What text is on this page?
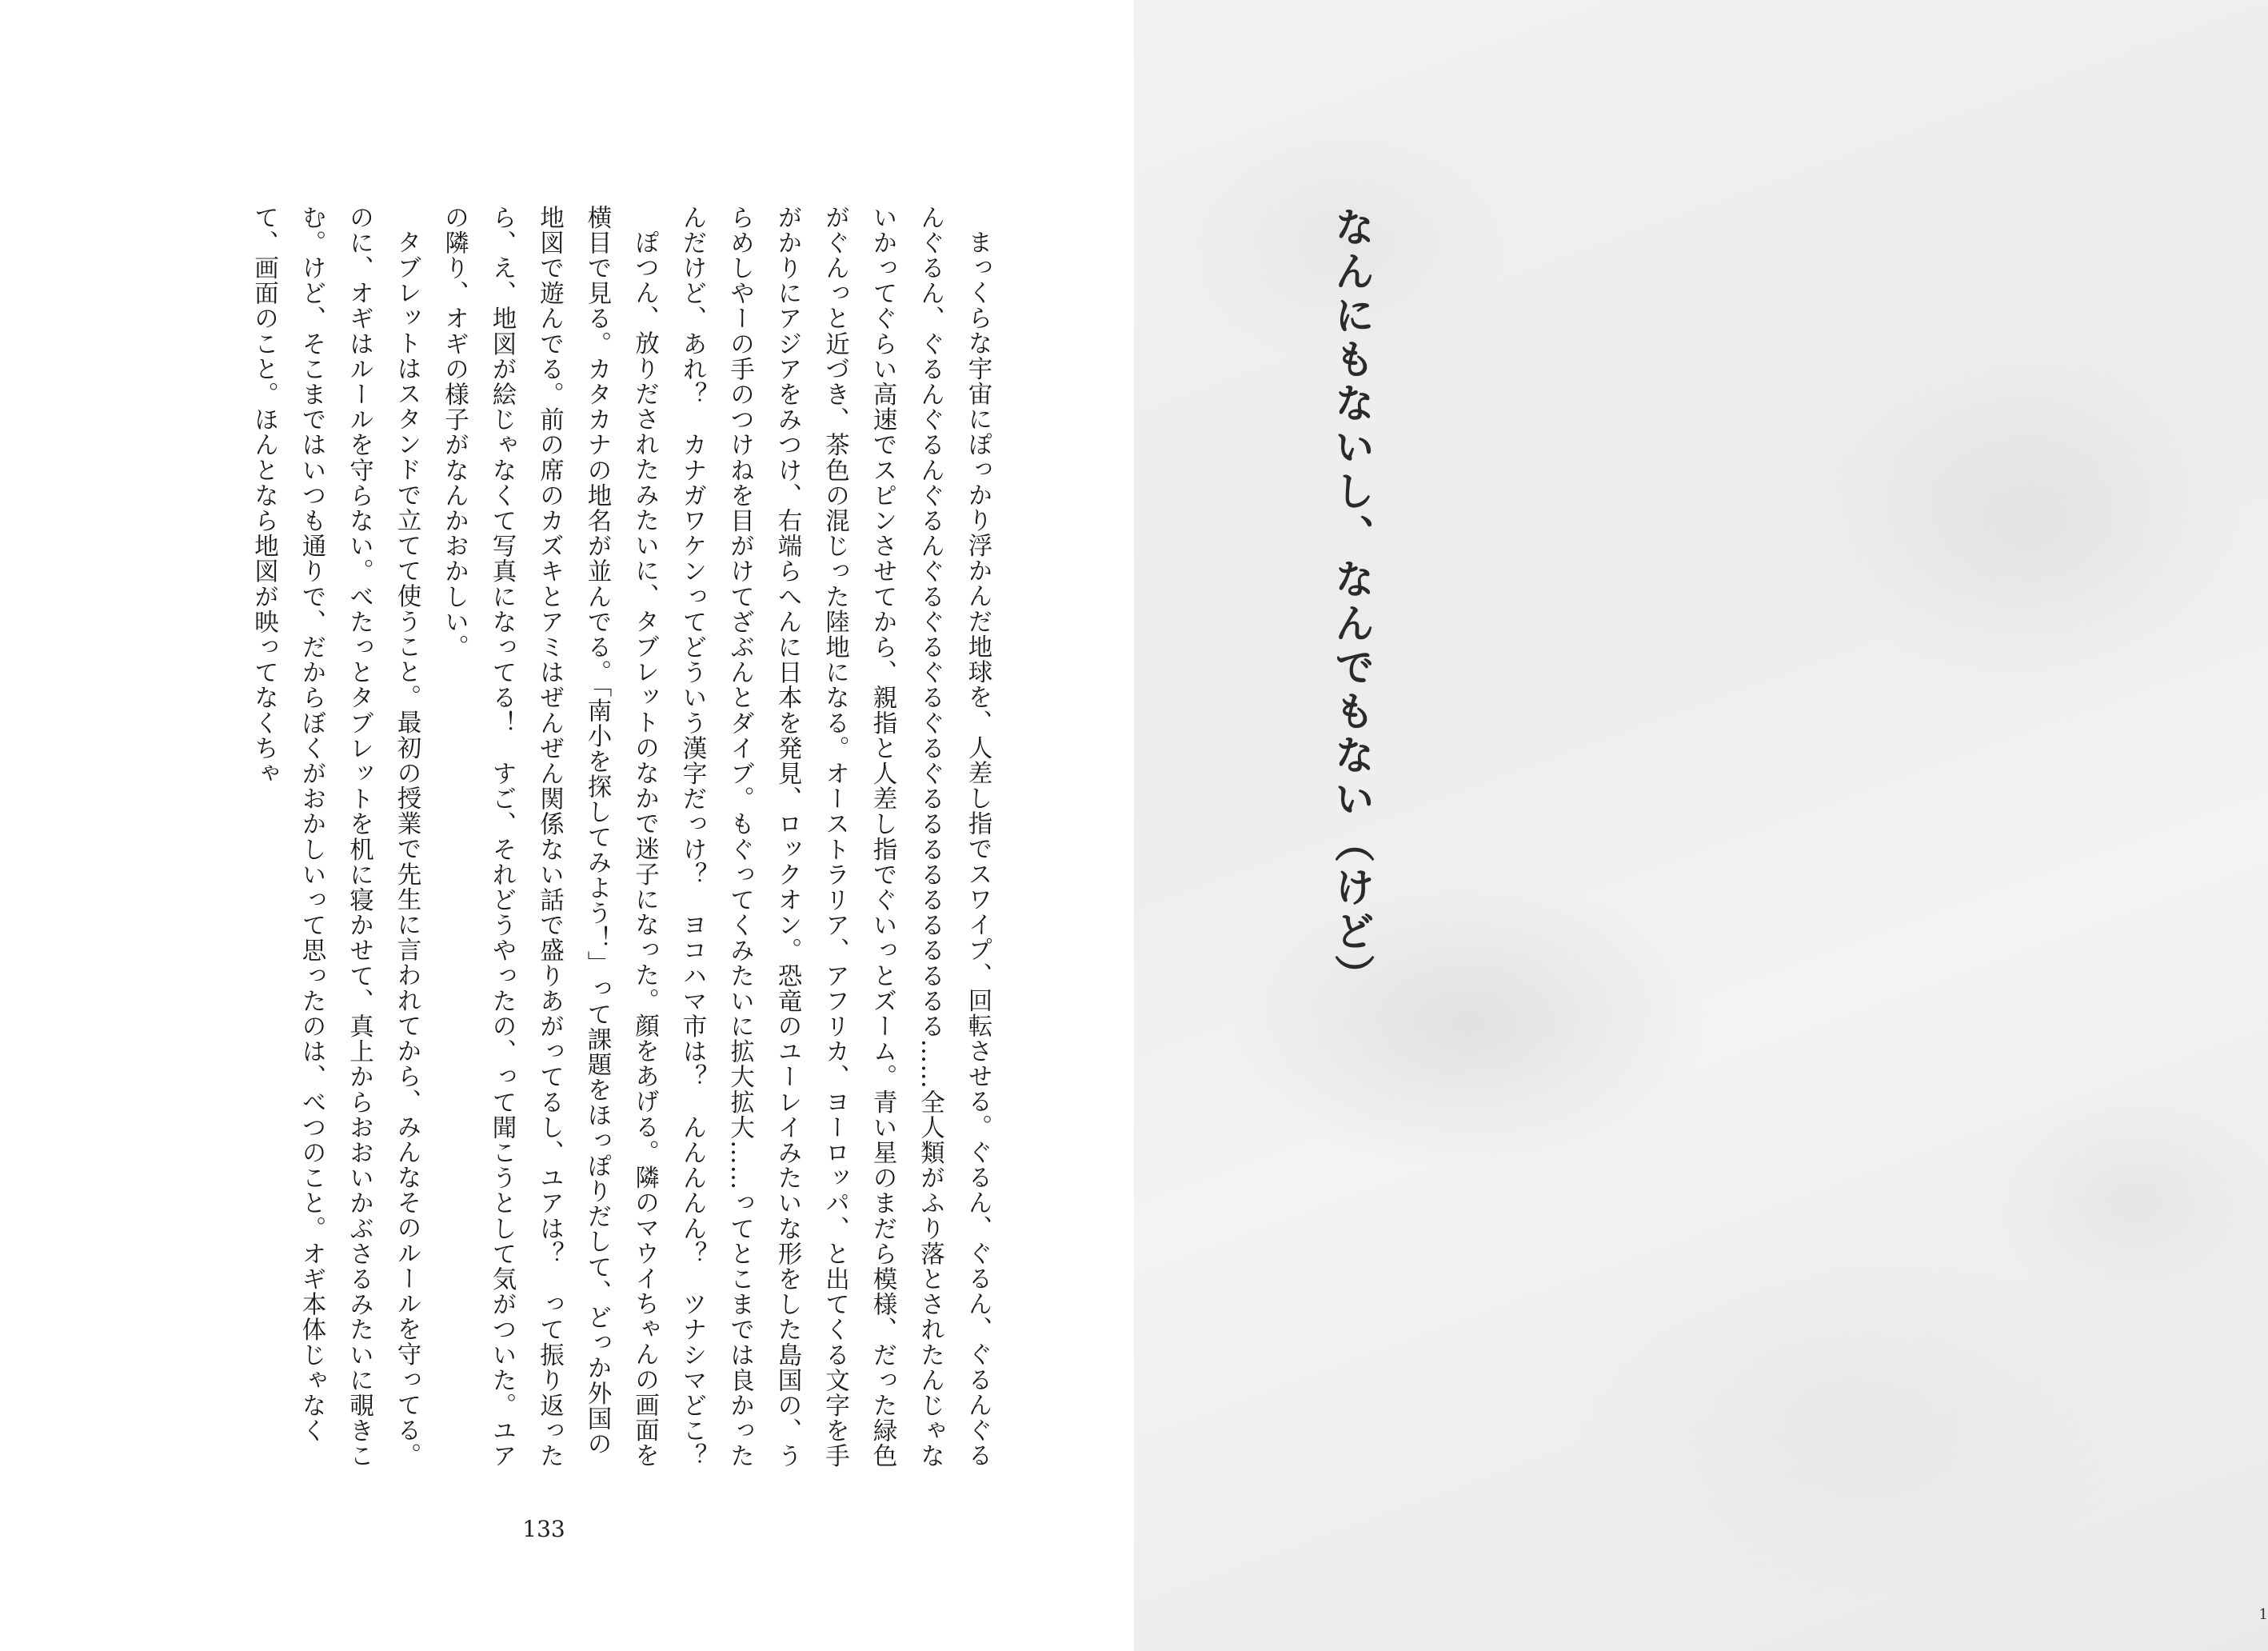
まっくらな宇宙にぽっかり浮かんだ地球を、人差し指でスワイプ、回転させる。ぐるん、ぐるん、ぐるんぐるんぐるん、ぐるんぐるんぐるんぐるぐるぐるぐるぐるるるるるるるるるる……全人類がふり落とされたんじゃないかってぐらい高速でスピンさせてから、親指と人差し指でぐいっとズーム。青い星のまだら模様、だった緑色がぐんっと近づき、茶色の混じった陸地になる。オーストラリア、アフリカ、ヨーロッパ、と出てくる文字を手がかりにアジアをみつけ、右端らへんに日本を発見、ロックオン。恐竜のユーレイみたいな形をした島国の、うらめしやーの手のつけねを目がけてざぶんとダイブ。もぐってくみたいに拡大拡大……ってとこまでは良かったんだけど、あれ？　カナガワケンってどういう漢字だっけ？　ヨコハマ市は？　んんんんん？　ツナシマどこ？

ぽつん、放りだされたみたいに、タブレットのなかで迷子になった。顔をあげる。隣のマウイちゃんの画面を横目で見る。カタカナの地名が並んでる。「南小を探してみよう！」って課題をほっぽりだして、どっか外国の地図で遊んでる。前の席のカズキとアミはぜんぜん関係ない話で盛りあがってるし、ユアは？　って振り返ったら、え、地図が絵じゃなくて写真になってる！　すご、それどうやったの、って聞こうとして気がついた。ユアの隣り、オギの様子がなんかおかしい。

タブレットはスタンドで立てて使うこと。最初の授業で先生に言われてから、みんなそのルールを守ってる。のに、オギはルールを守らない。べたっとタブレットを机に寝かせて、真上からおおいかぶさるみたいに覗きこむ。けど、そこまではいつも通りで、だからぼくがおかしいって思ったのは、べつのこと。オギ本体じゃなくて、画面のこと。ほんとなら地図が映ってなくちゃ

133
なんにもないし、なんでもない（けど）
1
